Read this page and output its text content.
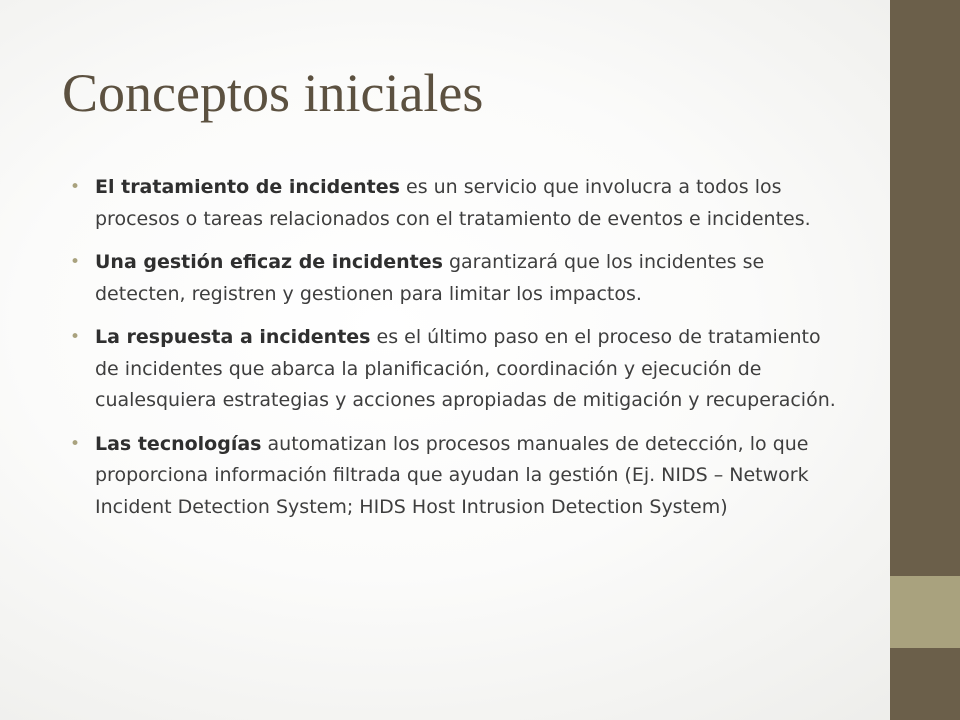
Conceptos iniciales
• El tratamiento de incidentes es un servicio que involucra a todos los procesos o tareas relacionados con el tratamiento de eventos e incidentes.
• Una gestión eficaz de incidentes garantizará que los incidentes se detecten, registren y gestionen para limitar los impactos.
• La respuesta a incidentes es el último paso en el proceso de tratamiento de incidentes que abarca la planificación, coordinación y ejecución de cualesquiera estrategias y acciones apropiadas de mitigación y recuperación.
• Las tecnologías automatizan los procesos manuales de detección, lo que proporciona información filtrada que ayudan la gestión (Ej. NIDS – Network Incident Detection System; HIDS Host Intrusion Detection System)
